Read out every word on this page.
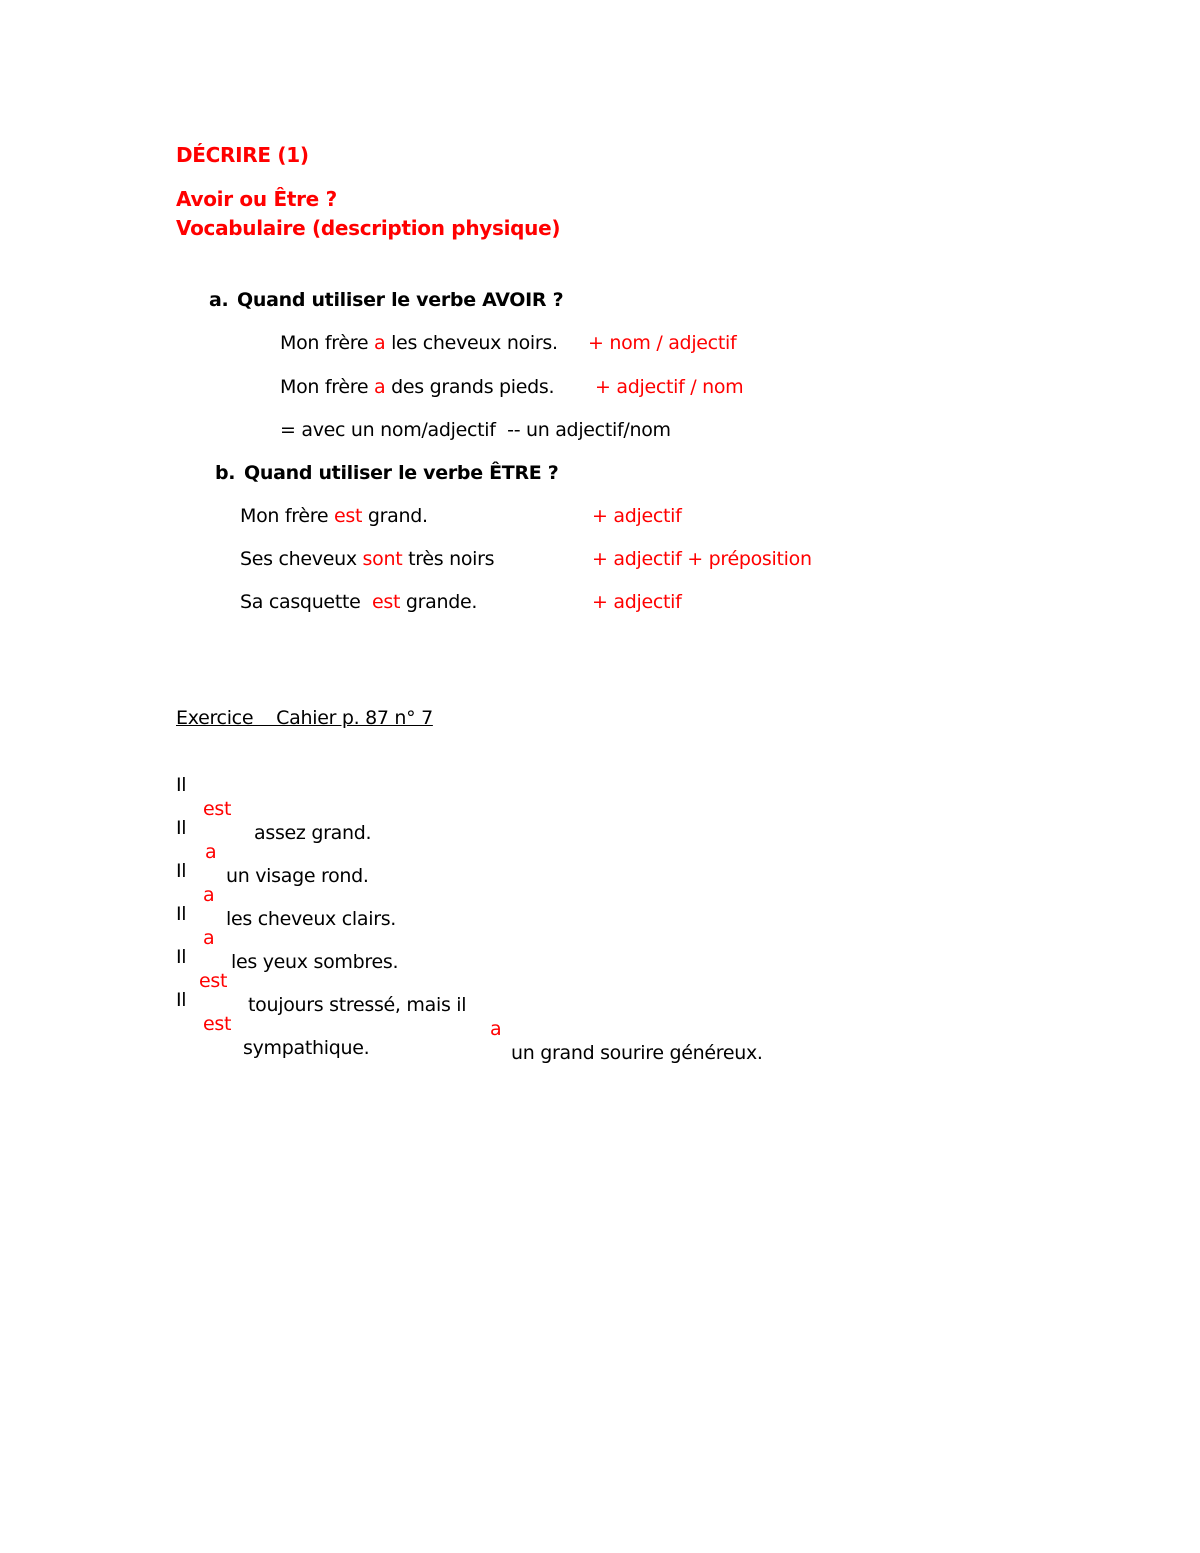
DÉCRIRE (1)
Avoir ou Être ?
Vocabulaire (description physique)
a. Quand utiliser le verbe AVOIR ?
Mon frère a les cheveux noirs. + nom / adjectif
Mon frère a des grands pieds. + adjectif / nom
= avec un nom/adjectif  -- un adjectif/nom
b. Quand utiliser le verbe ÊTRE ?
Mon frère est grand.	+ adjectif
Ses cheveux sont très noirs	+ adjectif + préposition
Sa casquette  est grande.	+ adjectif
Exercice    Cahier p. 87 n° 7

Il

est

assez grand.

Il

a

un visage rond.

Il

a

les cheveux clairs.

Il

a

les yeux sombres.

Il

est

toujours stressé, mais il

a

un grand sourire généreux.

Il

est

sympathique.
